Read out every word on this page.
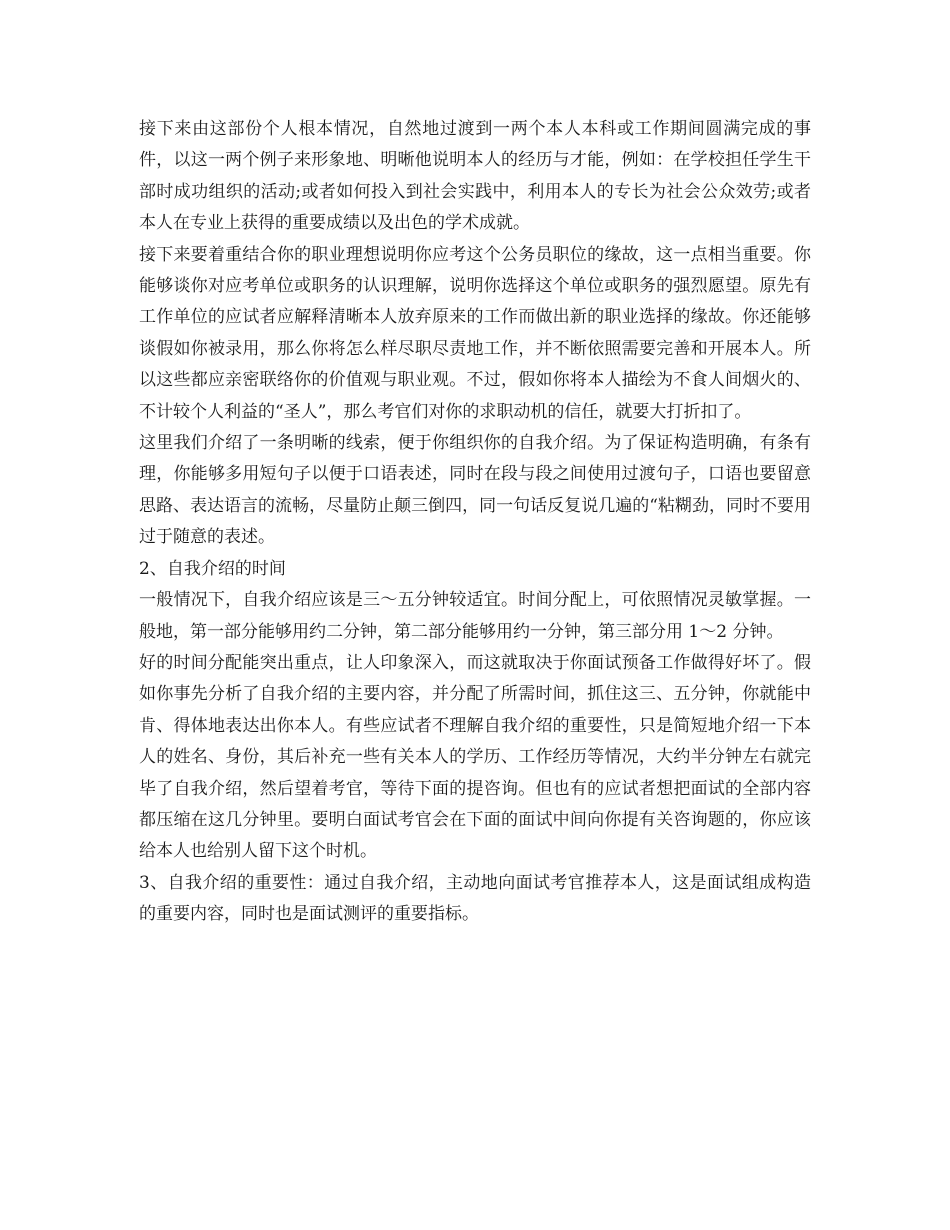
接下来由这部份个人根本情况，自然地过渡到一两个本人本科或工作期间圆满完成的事件，以这一两个例子来形象地、明晰他说明本人的经历与才能，例如：在学校担任学生干部时成功组织的活动;或者如何投入到社会实践中，利用本人的专长为社会公众效劳;或者本人在专业上获得的重要成绩以及出色的学术成就。

接下来要着重结合你的职业理想说明你应考这个公务员职位的缘故，这一点相当重要。你能够谈你对应考单位或职务的认识理解，说明你选择这个单位或职务的强烈愿望。原先有工作单位的应试者应解释清晰本人放弃原来的工作而做出新的职业选择的缘故。你还能够谈假如你被录用，那么你将怎么样尽职尽责地工作，并不断依照需要完善和开展本人。所以这些都应亲密联络你的价值观与职业观。不过，假如你将本人描绘为不食人间烟火的、不计较个人利益的“圣人”，那么考官们对你的求职动机的信任，就要大打折扣了。

这里我们介绍了一条明晰的线索，便于你组织你的自我介绍。为了保证构造明确，有条有理，你能够多用短句子以便于口语表述，同时在段与段之间使用过渡句子，口语也要留意思路、表达语言的流畅，尽量防止颠三倒四，同一句话反复说几遍的“粘糊劲，同时不要用过于随意的表述。

2、自我介绍的时间

一般情况下，自我介绍应该是三～五分钟较适宜。时间分配上，可依照情况灵敏掌握。一般地，第一部分能够用约二分钟，第二部分能够用约一分钟，第三部分用 1～2 分钟。

好的时间分配能突出重点，让人印象深入，而这就取决于你面试预备工作做得好坏了。假如你事先分析了自我介绍的主要内容，并分配了所需时间，抓住这三、五分钟，你就能中肯、得体地表达出你本人。有些应试者不理解自我介绍的重要性，只是简短地介绍一下本人的姓名、身份，其后补充一些有关本人的学历、工作经历等情况，大约半分钟左右就完毕了自我介绍，然后望着考官，等待下面的提咨询。但也有的应试者想把面试的全部内容都压缩在这几分钟里。要明白面试考官会在下面的面试中间向你提有关咨询题的，你应该给本人也给别人留下这个时机。

3、自我介绍的重要性：通过自我介绍，主动地向面试考官推荐本人，这是面试组成构造的重要内容，同时也是面试测评的重要指标。
